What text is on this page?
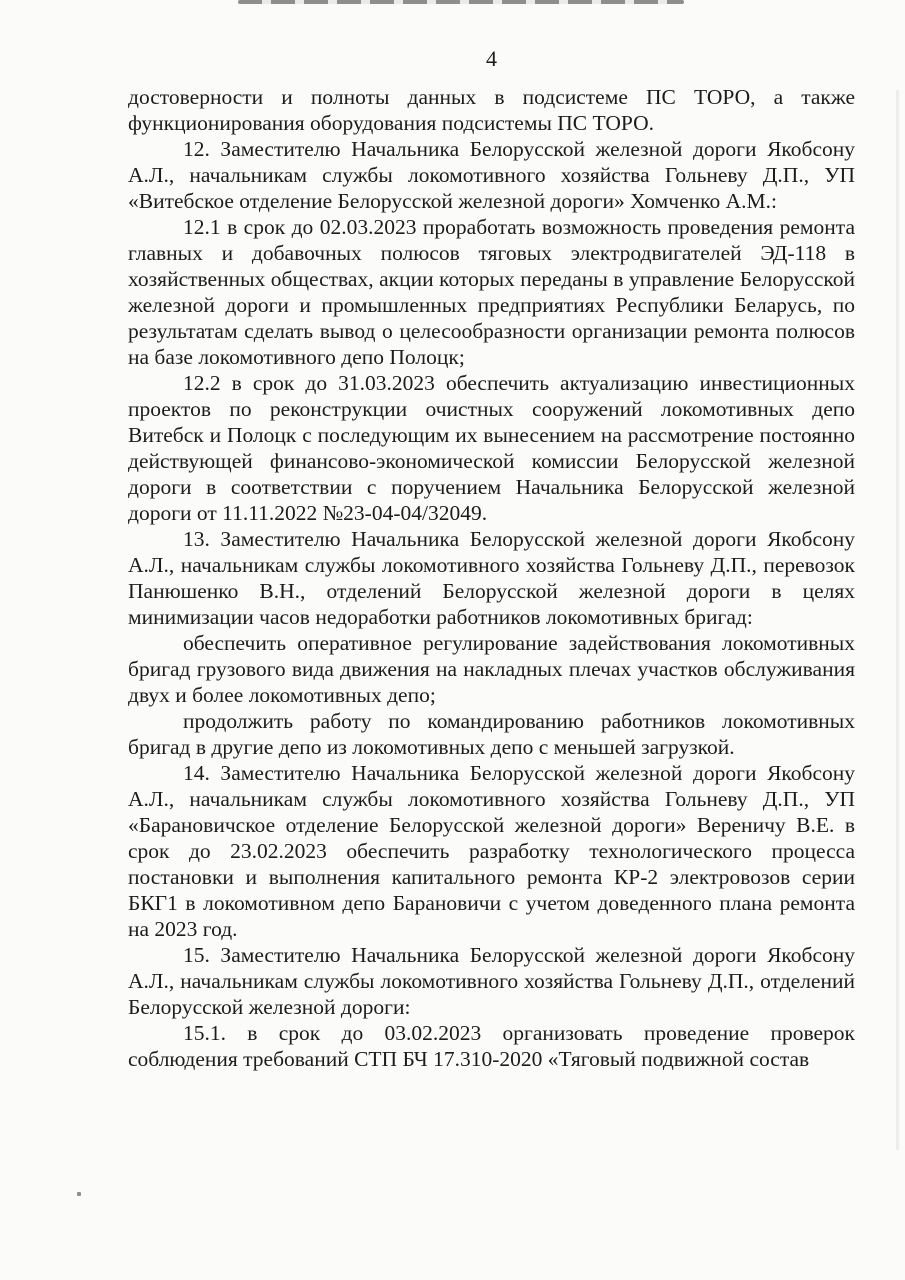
4

достоверности и полноты данных в подсистеме ПС ТОРО, а также функционирования оборудования подсистемы ПС ТОРО.

12. Заместителю Начальника Белорусской железной дороги Якобсону А.Л., начальникам службы локомотивного хозяйства Гольневу Д.П., УП «Витебское отделение Белорусской железной дороги» Хомченко А.М.:

12.1 в срок до 02.03.2023 проработать возможность проведения ремонта главных и добавочных полюсов тяговых электродвигателей ЭД-118 в хозяйственных обществах, акции которых переданы в управление Белорусской железной дороги и промышленных предприятиях Республики Беларусь, по результатам сделать вывод о целесообразности организации ремонта полюсов на базе локомотивного депо Полоцк;

12.2 в срок до 31.03.2023 обеспечить актуализацию инвестиционных проектов по реконструкции очистных сооружений локомотивных депо Витебск и Полоцк с последующим их вынесением на рассмотрение постоянно действующей финансово-экономической комиссии Белорусской железной дороги в соответствии с поручением Начальника Белорусской железной дороги от 11.11.2022 №23-04-04/32049.

13. Заместителю Начальника Белорусской железной дороги Якобсону А.Л., начальникам службы локомотивного хозяйства Гольневу Д.П., перевозок Панюшенко В.Н., отделений Белорусской железной дороги в целях минимизации часов недоработки работников локомотивных бригад:

обеспечить оперативное регулирование задействования локомотивных бригад грузового вида движения на накладных плечах участков обслуживания двух и более локомотивных депо;

продолжить работу по командированию работников локомотивных бригад в другие депо из локомотивных депо с меньшей загрузкой.

14. Заместителю Начальника Белорусской железной дороги Якобсону А.Л., начальникам службы локомотивного хозяйства Гольневу Д.П., УП «Барановичское отделение Белорусской железной дороги» Вереничу В.Е. в срок до 23.02.2023 обеспечить разработку технологического процесса постановки и выполнения капитального ремонта КР-2 электровозов серии БКГ1 в локомотивном депо Барановичи с учетом доведенного плана ремонта на 2023 год.

15. Заместителю Начальника Белорусской железной дороги Якобсону А.Л., начальникам службы локомотивного хозяйства Гольневу Д.П., отделений Белорусской железной дороги:

15.1. в срок до 03.02.2023 организовать проведение проверок соблюдения требований СТП БЧ 17.310-2020 «Тяговый подвижной состав
